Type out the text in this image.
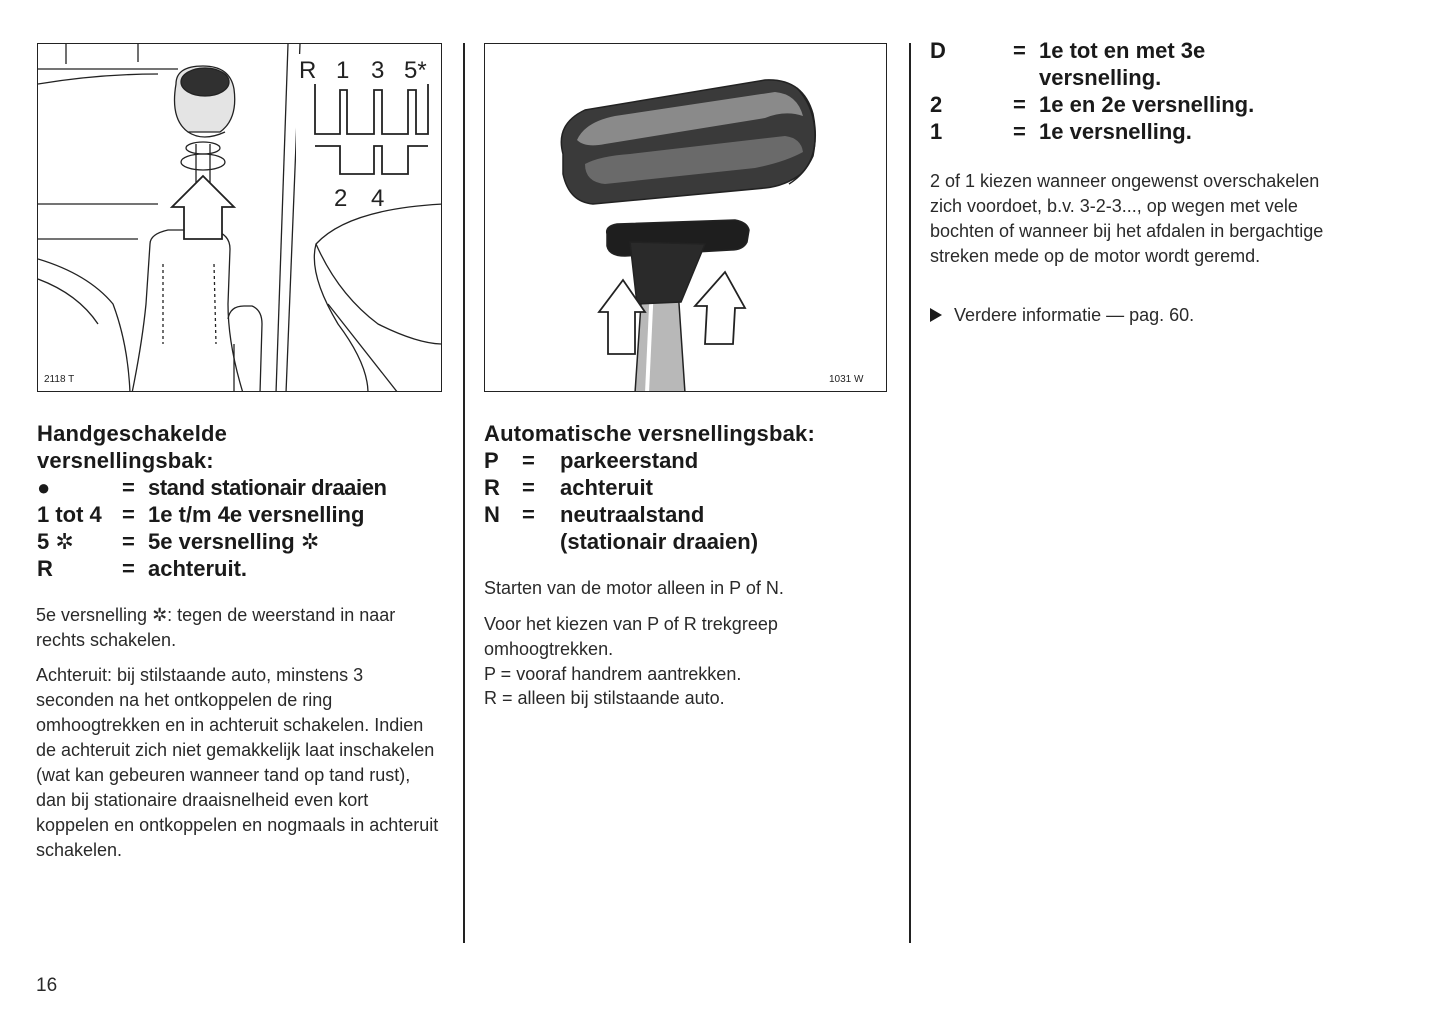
R 1 3 5*
2 4
2118 T	1031 W
Handgeschakelde
versnellingsbak:
●	= stand stationair draaien
1 tot 4 = 1e t/m 4e versnelling
5 ✲	= 5e versnelling ✲
R	= achteruit.

5e versnelling ✲: tegen de weerstand in naar rechts schakelen.

Achteruit: bij stilstaande auto, minstens 3 seconden na het ontkoppelen de ring omhoogtrekken en in achteruit schakelen. Indien de achteruit zich niet gemakkelijk laat inschakelen (wat kan gebeuren wanneer tand op tand rust), dan bij stationaire draaisnelheid even kort koppelen en ontkoppelen en nogmaals in achteruit schakelen.

Automatische versnellingsbak:
P	=	parkeerstand
R	=	achteruit
N	=	neutraalstand
(stationair draaien)

Starten van de motor alleen in P of N.

Voor het kiezen van P of R trekgreep omhoogtrekken.

P = vooraf handrem aantrekken.

R = alleen bij stilstaande auto.

D	= 1e tot en met 3e
versnelling.
2	= 1e en 2e versnelling.
1	= 1e versnelling.

2 of 1 kiezen wanneer ongewenst overschakelen zich voordoet, b.v. 3-2-3..., op wegen met vele bochten of wanneer bij het afdalen in bergachtige streken mede op de motor wordt geremd.

Verdere informatie — pag. 60.

16
